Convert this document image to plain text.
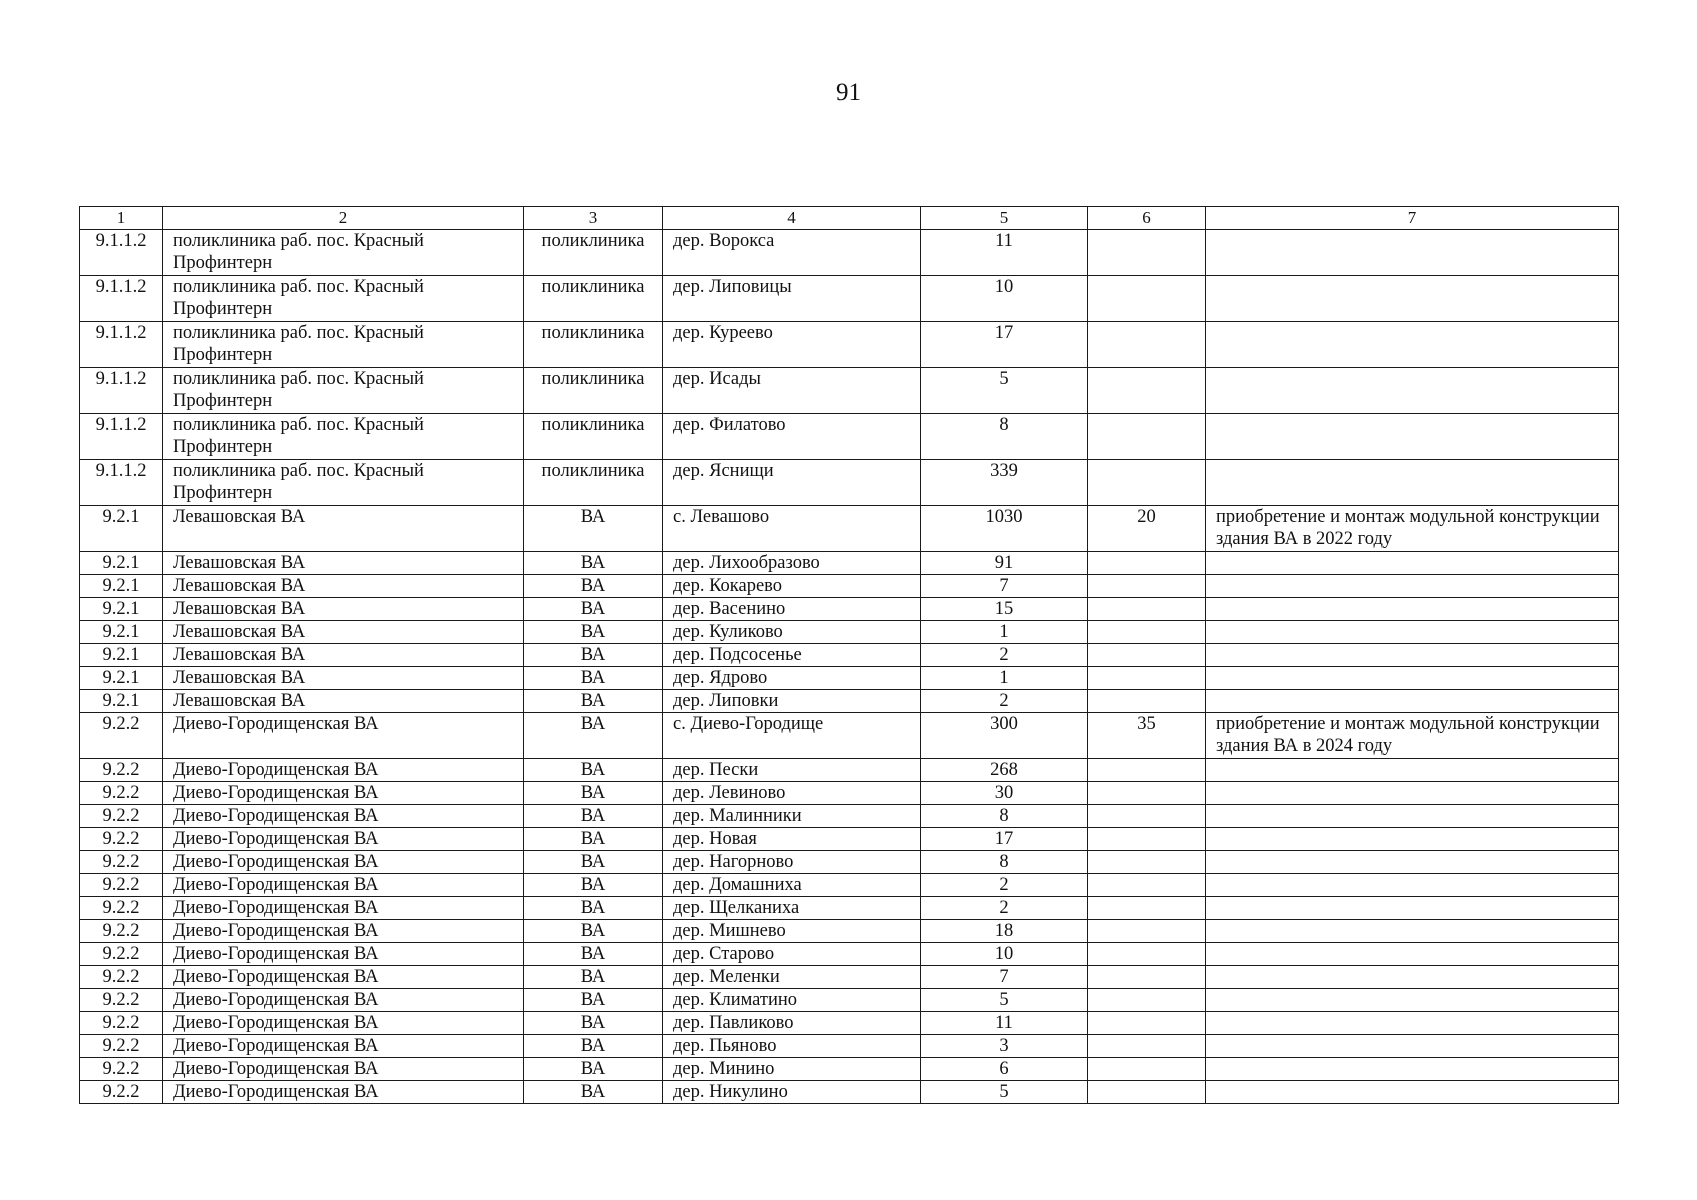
91
1	2	3	4	5	6	7
9.1.1.2	поликлиника раб. пос. Красный Профинтерн	поликлиника	дер. Ворокса	11		
9.1.1.2	поликлиника раб. пос. Красный Профинтерн	поликлиника	дер. Липовицы	10		
9.1.1.2	поликлиника раб. пос. Красный Профинтерн	поликлиника	дер. Куреево	17		
9.1.1.2	поликлиника раб. пос. Красный Профинтерн	поликлиника	дер. Исады	5		
9.1.1.2	поликлиника раб. пос. Красный Профинтерн	поликлиника	дер. Филатово	8		
9.1.1.2	поликлиника раб. пос. Красный Профинтерн	поликлиника	дер. Яснищи	339		
9.2.1	Левашовская ВА	ВА	с. Левашово	1030	20	приобретение и монтаж модульной конструкции здания ВА в 2022 году
9.2.1	Левашовская ВА	ВА	дер. Лихообразово	91		
9.2.1	Левашовская ВА	ВА	дер. Кокарево	7		
9.2.1	Левашовская ВА	ВА	дер. Васенино	15		
9.2.1	Левашовская ВА	ВА	дер. Куликово	1		
9.2.1	Левашовская ВА	ВА	дер. Подсосенье	2		
9.2.1	Левашовская ВА	ВА	дер. Ядрово	1		
9.2.1	Левашовская ВА	ВА	дер. Липовки	2		
9.2.2	Диево-Городищенская ВА	ВА	с. Диево-Городище	300	35	приобретение и монтаж модульной конструкции здания ВА в 2024 году
9.2.2	Диево-Городищенская ВА	ВА	дер. Пески	268		
9.2.2	Диево-Городищенская ВА	ВА	дер. Левиново	30		
9.2.2	Диево-Городищенская ВА	ВА	дер. Малинники	8		
9.2.2	Диево-Городищенская ВА	ВА	дер. Новая	17		
9.2.2	Диево-Городищенская ВА	ВА	дер. Нагорново	8		
9.2.2	Диево-Городищенская ВА	ВА	дер. Домашниха	2		
9.2.2	Диево-Городищенская ВА	ВА	дер. Щелканиха	2		
9.2.2	Диево-Городищенская ВА	ВА	дер. Мишнево	18		
9.2.2	Диево-Городищенская ВА	ВА	дер. Старово	10		
9.2.2	Диево-Городищенская ВА	ВА	дер. Меленки	7		
9.2.2	Диево-Городищенская ВА	ВА	дер. Климатино	5		
9.2.2	Диево-Городищенская ВА	ВА	дер. Павликово	11		
9.2.2	Диево-Городищенская ВА	ВА	дер. Пьяново	3		
9.2.2	Диево-Городищенская ВА	ВА	дер. Минино	6		
9.2.2	Диево-Городищенская ВА	ВА	дер. Никулино	5		
